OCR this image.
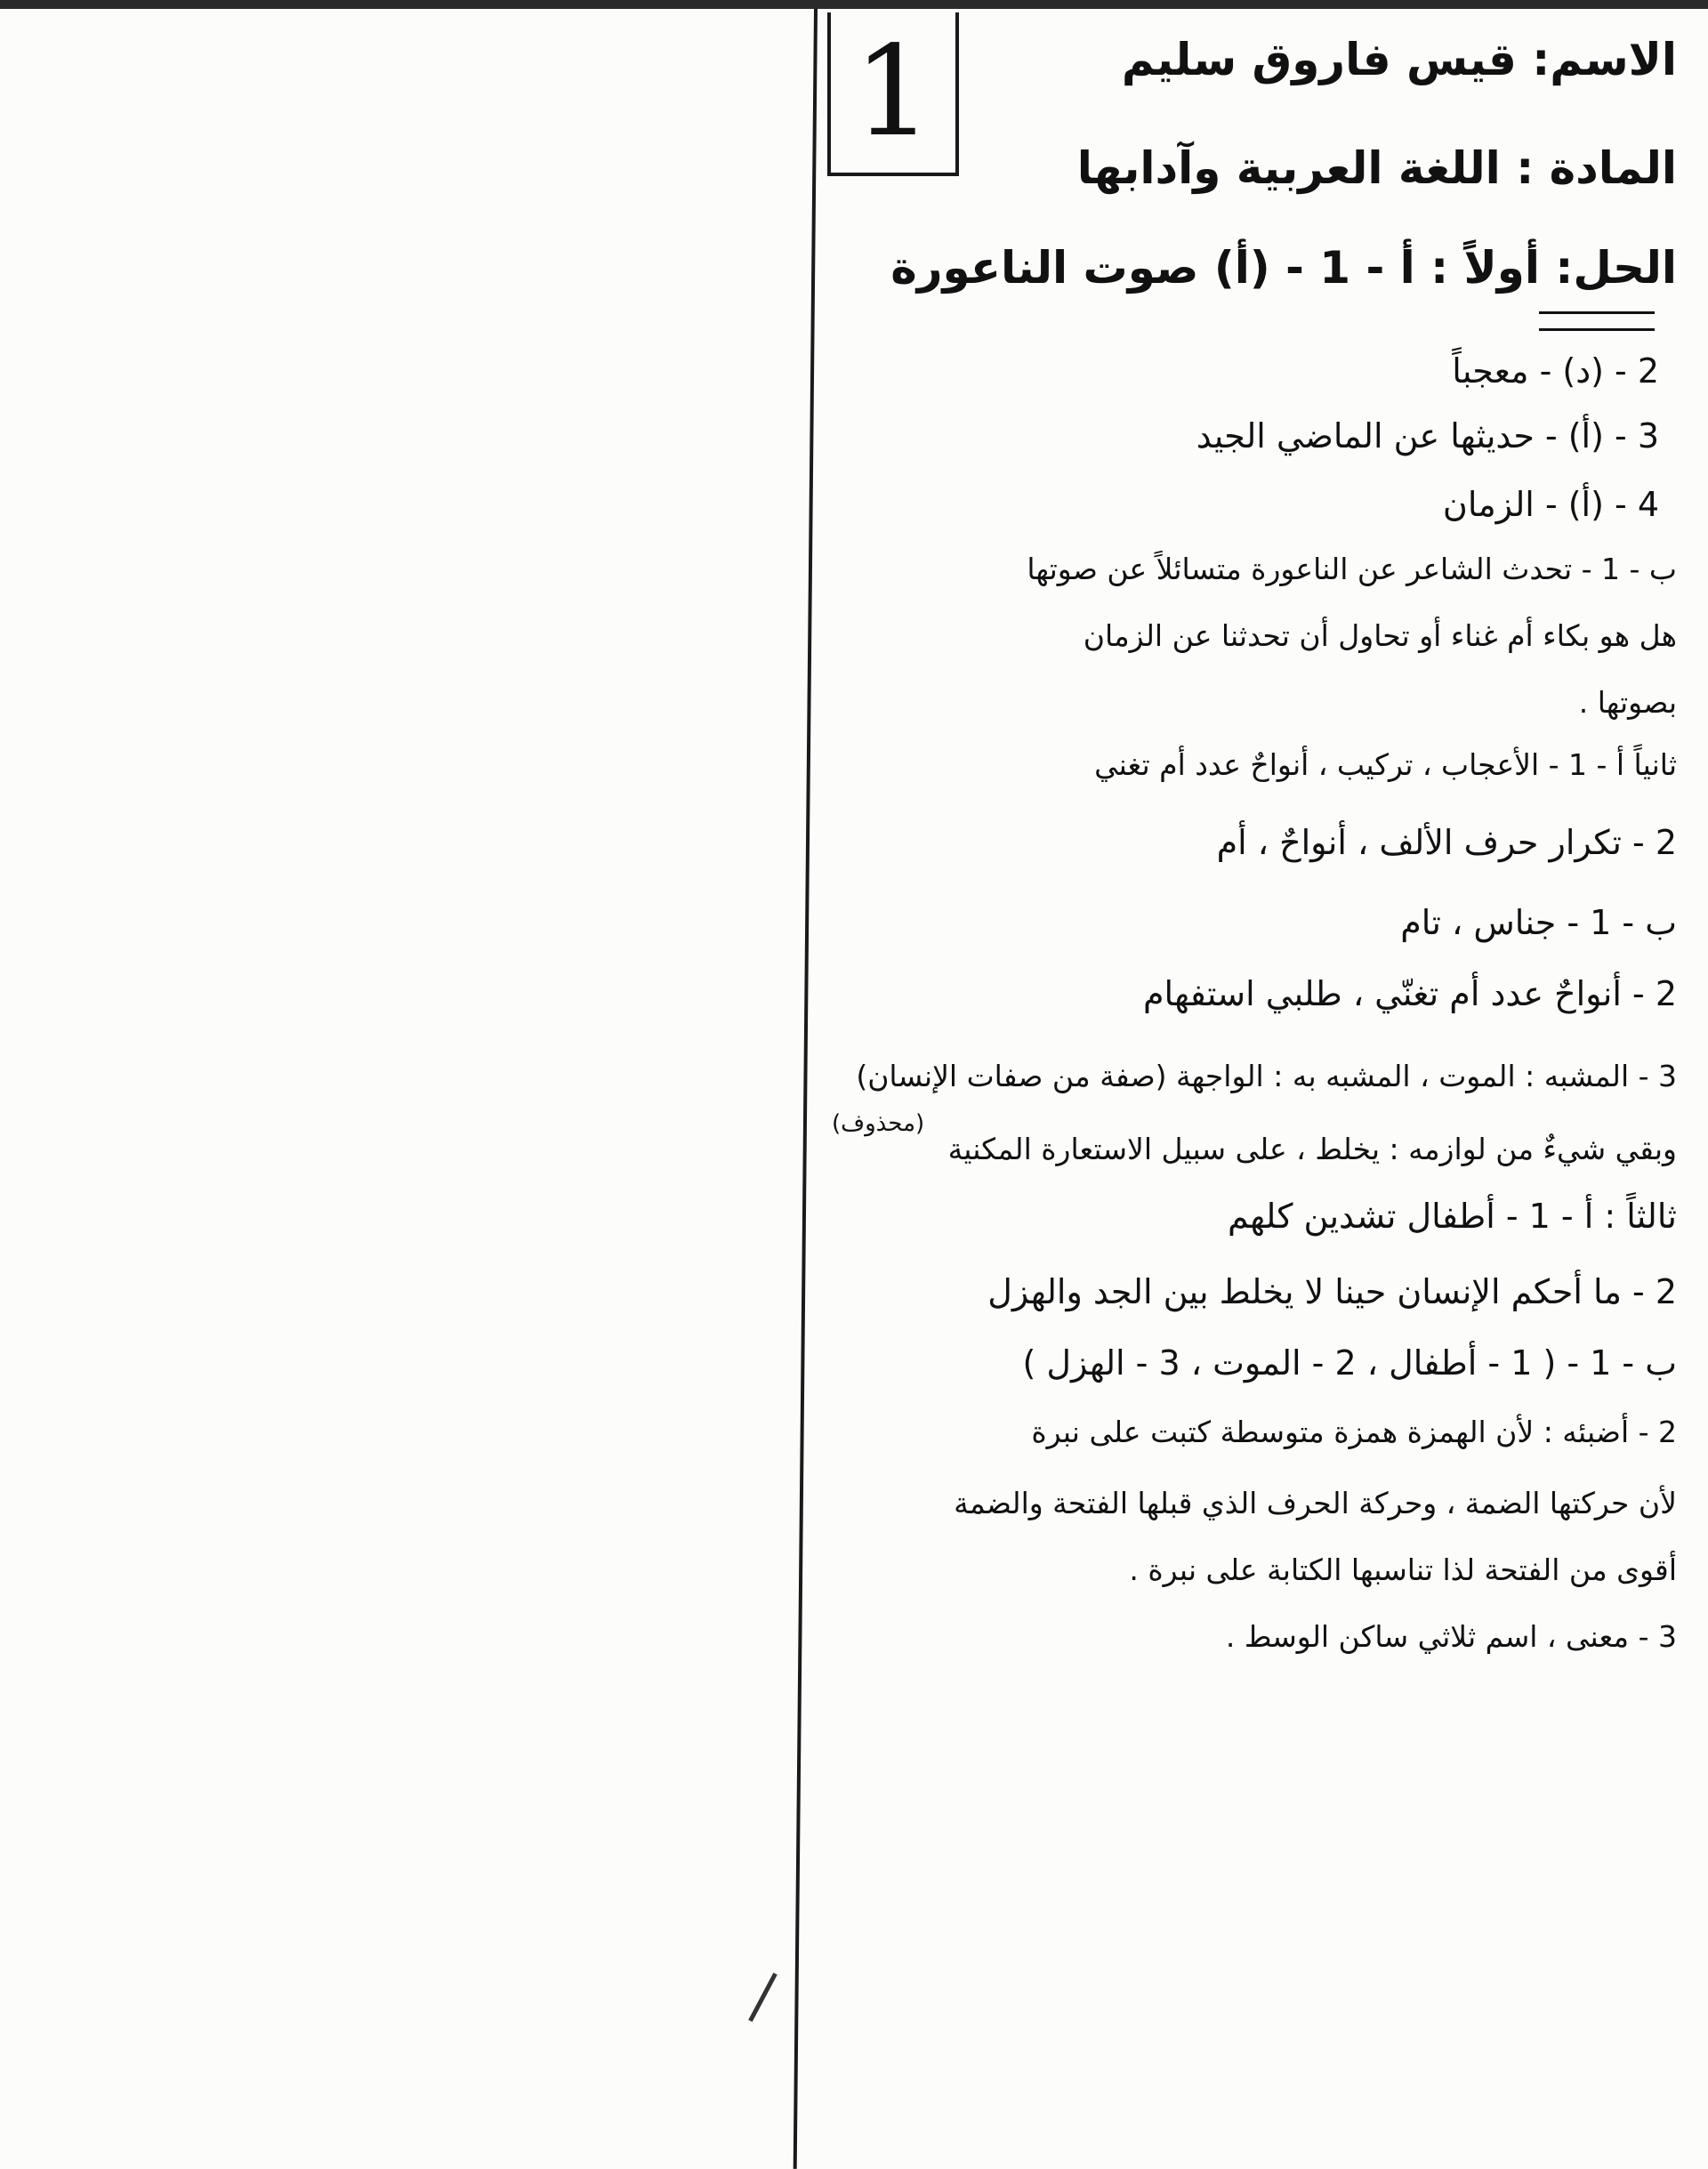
1	الاسم: قيس فاروق سليم
المادة : اللغة العربية وآدابها
الحل: أولاً : أ - 1 - (أ) صوت الناعورة
2 - (د) - معجباً
3 - (أ) - حديثها عن الماضي الجيد
4 - (أ) - الزمان
ب - 1 - تحدث الشاعر عن الناعورة متسائلاً عن صوتها
هل هو بكاء أم غناء أو تحاول أن تحدثنا عن الزمان
بصوتها .
ثانياً أ - 1 - الأعجاب ، تركيب ، أنواحٌ عدد أم تغني
2 - تكرار حرف الألف ، أنواحٌ ، أم
ب - 1 - جناس ، تام
2 - أنواحٌ عدد أم تغنّي ، طلبي استفهام
3 - المشبه : الموت ، المشبه به : الواجهة (صفة من صفات الإنسان)
وبقي شيءٌ من لوازمه : يخلط ، على سبيل الاستعارة المكنية
(محذوف)
ثالثاً : أ - 1 - أطفال تشدين كلهم
2 - ما أحكم الإنسان حينا لا يخلط بين الجد والهزل
ب - 1 - ( 1 - أطفال ، 2 - الموت ، 3 - الهزل )
2 - أضبئه : لأن الهمزة همزة متوسطة كتبت على نبرة
لأن حركتها الضمة ، وحركة الحرف الذي قبلها الفتحة والضمة
أقوى من الفتحة لذا تناسبها الكتابة على نبرة .
3 - معنى ، اسم ثلاثي ساكن الوسط .
